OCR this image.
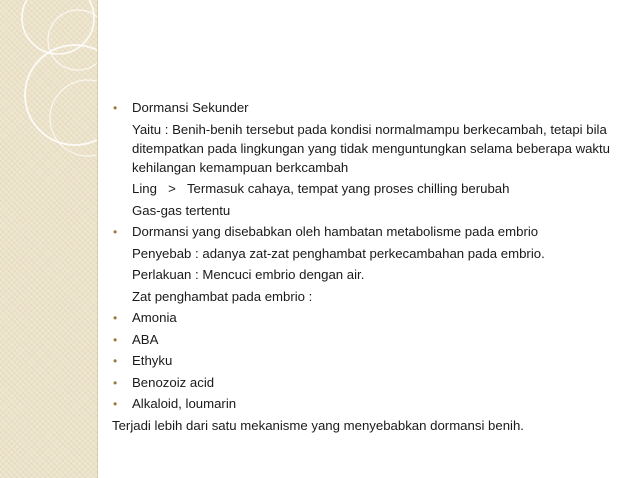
• Dormansi Sekunder
Yaitu : Benih-benih tersebut pada kondisi normalmampu berkecambah, tetapi bila ditempatkan pada lingkungan yang tidak menguntungkan selama beberapa waktu kehilangan kemampuan berkcambah
Ling > Termasuk cahaya, tempat yang proses chilling berubah
Gas-gas tertentu
• Dormansi yang disebabkan oleh hambatan metabolisme pada embrio
Penyebab : adanya zat-zat penghambat perkecambahan pada embrio.
Perlakuan : Mencuci embrio dengan air.
Zat penghambat pada embrio :
• Amonia
• ABA
• Ethyku
• Benozoiz acid
• Alkaloid, loumarin
Terjadi lebih dari satu mekanisme yang menyebabkan dormansi benih.
